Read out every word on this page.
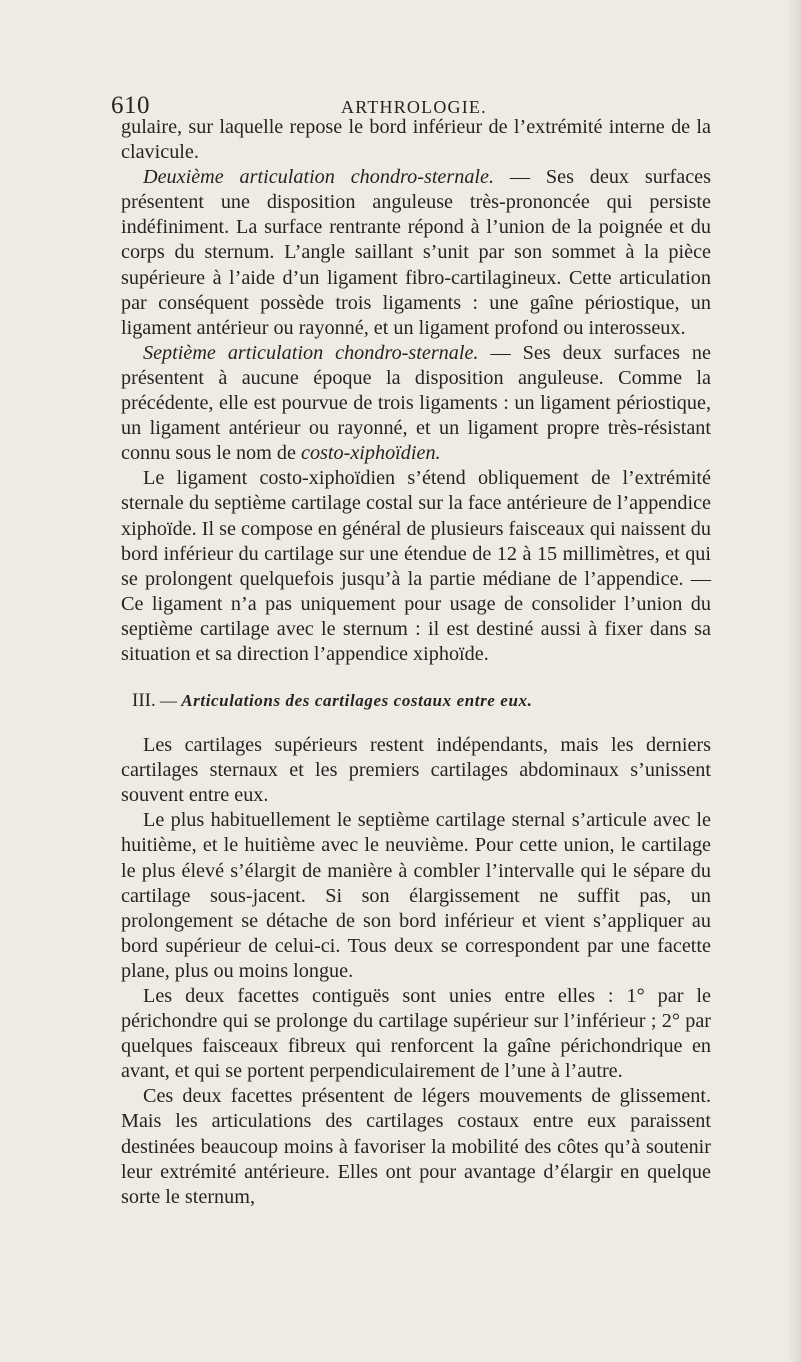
610	ARTHROLOGIE.

gulaire, sur laquelle repose le bord inférieur de l’extrémité interne de la clavicule.

Deuxième articulation chondro-sternale. — Ses deux surfaces présentent une disposition anguleuse très-prononcée qui persiste indéfiniment. La surface rentrante répond à l’union de la poignée et du corps du sternum. L’angle saillant s’unit par son sommet à la pièce supérieure à l’aide d’un ligament fibro-cartilagineux. Cette articulation par conséquent possède trois ligaments : une gaîne périostique, un ligament antérieur ou rayonné, et un ligament profond ou interosseux.

Septième articulation chondro-sternale. — Ses deux surfaces ne présentent à aucune époque la disposition anguleuse. Comme la précédente, elle est pourvue de trois ligaments : un ligament périostique, un ligament antérieur ou rayonné, et un ligament propre très-résistant connu sous le nom de costo-xiphoïdien.

Le ligament costo-xiphoïdien s’étend obliquement de l’extrémité sternale du septième cartilage costal sur la face antérieure de l’appendice xiphoïde. Il se compose en général de plusieurs faisceaux qui naissent du bord inférieur du cartilage sur une étendue de 12 à 15 millimètres, et qui se prolongent quelquefois jusqu’à la partie médiane de l’appendice. — Ce ligament n’a pas uniquement pour usage de consolider l’union du septième cartilage avec le sternum : il est destiné aussi à fixer dans sa situation et sa direction l’appendice xiphoïde.

III. — Articulations des cartilages costaux entre eux.

Les cartilages supérieurs restent indépendants, mais les derniers cartilages sternaux et les premiers cartilages abdominaux s’unissent souvent entre eux.

Le plus habituellement le septième cartilage sternal s’articule avec le huitième, et le huitième avec le neuvième. Pour cette union, le cartilage le plus élevé s’élargit de manière à combler l’intervalle qui le sépare du cartilage sous-jacent. Si son élargissement ne suffit pas, un prolongement se détache de son bord inférieur et vient s’appliquer au bord supérieur de celui-ci. Tous deux se correspondent par une facette plane, plus ou moins longue.

Les deux facettes contiguës sont unies entre elles : 1° par le périchondre qui se prolonge du cartilage supérieur sur l’inférieur ; 2° par quelques faisceaux fibreux qui renforcent la gaîne périchondrique en avant, et qui se portent perpendiculairement de l’une à l’autre.

Ces deux facettes présentent de légers mouvements de glissement. Mais les articulations des cartilages costaux entre eux paraissent destinées beaucoup moins à favoriser la mobilité des côtes qu’à soutenir leur extrémité antérieure. Elles ont pour avantage d’élargir en quelque sorte le sternum,
